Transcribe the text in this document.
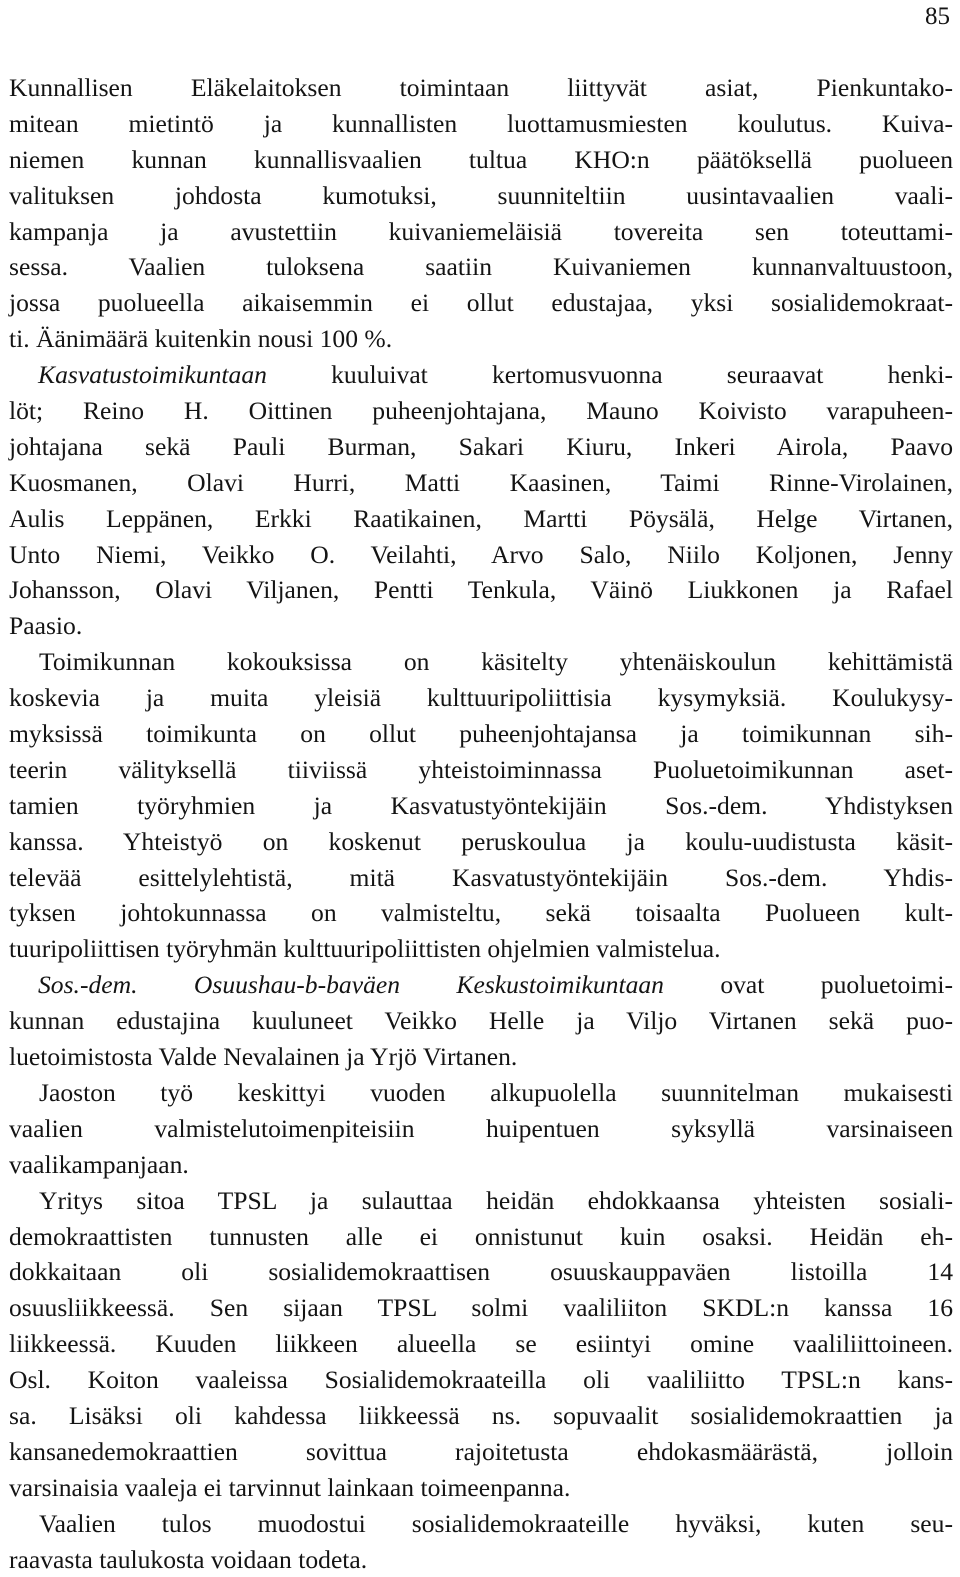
85
Kunnallisen Eläkelaitoksen toimintaan liittyvät asiat, Pienkuntako-
mitean mietintö ja kunnallisten luottamusmiesten koulutus. Kuiva-
niemen kunnan kunnallisvaalien tultua KHO:n päätöksellä puolueen
valituksen johdosta kumotuksi, suunniteltiin uusintavaalien vaali-
kampanja ja avustettiin kuivaniemeläisiä tovereita sen toteuttami-
sessa. Vaalien tuloksena saatiin Kuivaniemen kunnanvaltuustoon,
jossa puolueella aikaisemmin ei ollut edustajaa, yksi sosialidemokraat-
ti. Äänimäärä kuitenkin nousi 100 %.
Kasvatustoimikuntaan kuuluivat kertomusvuonna seuraavat henki-
löt; Reino H. Oittinen puheenjohtajana, Mauno Koivisto varapuheen-
johtajana sekä Pauli Burman, Sakari Kiuru, Inkeri Airola, Paavo
Kuosmanen, Olavi Hurri, Matti Kaasinen, Taimi Rinne-Virolainen,
Aulis Leppänen, Erkki Raatikainen, Martti Pöysälä, Helge Virtanen,
Unto Niemi, Veikko O. Veilahti, Arvo Salo, Niilo Koljonen, Jenny
Johansson, Olavi Viljanen, Pentti Tenkula, Väinö Liukkonen ja Rafael
Paasio.
Toimikunnan kokouksissa on käsitelty yhtenäiskoulun kehittämistä
koskevia ja muita yleisiä kulttuuripoliittisia kysymyksiä. Koulukysy-
myksissä toimikunta on ollut puheenjohtajansa ja toimikunnan sih-
teerin välityksellä tiiviissä yhteistoiminnassa Puoluetoimikunnan aset-
tamien työryhmien ja Kasvatustyöntekijäin Sos.-dem. Yhdistyksen
kanssa. Yhteistyö on koskenut peruskoulua ja koulu-uudistusta käsit-
televää esittelylehtistä, mitä Kasvatustyöntekijäin Sos.-dem. Yhdis-
tyksen johtokunnassa on valmisteltu, sekä toisaalta Puolueen kult-
tuuripoliittisen työryhmän kulttuuripoliittisten ohjelmien valmistelua.
Sos.-dem. Osuushau-b-baväen Keskustoimikuntaan ovat puoluetoimi-
kunnan edustajina kuuluneet Veikko Helle ja Viljo Virtanen sekä puo-
luetoimistosta Valde Nevalainen ja Yrjö Virtanen.
Jaoston työ keskittyi vuoden alkupuolella suunnitelman mukaisesti
vaalien valmistelutoimenpiteisiin huipentuen syksyllä varsinaiseen
vaalikampanjaan.
Yritys sitoa TPSL ja sulauttaa heidän ehdokkaansa yhteisten sosiali-
demokraattisten tunnusten alle ei onnistunut kuin osaksi. Heidän eh-
dokkaitaan oli sosialidemokraattisen osuuskauppaväen listoilla 14
osuusliikkeessä. Sen sijaan TPSL solmi vaaliliiton SKDL:n kanssa 16
liikkeessä. Kuuden liikkeen alueella se esiintyi omine vaaliliittoineen.
Osl. Koiton vaaleissa Sosialidemokraateilla oli vaaliliitto TPSL:n kans-
sa. Lisäksi oli kahdessa liikkeessä ns. sopuvaalit sosialidemokraattien ja
kansanedemokraattien sovittua rajoitetusta ehdokasmäärästä, jolloin
varsinaisia vaaleja ei tarvinnut lainkaan toimeenpanna.
Vaalien tulos muodostui sosialidemokraateille hyväksi, kuten seu-
raavasta taulukosta voidaan todeta.
